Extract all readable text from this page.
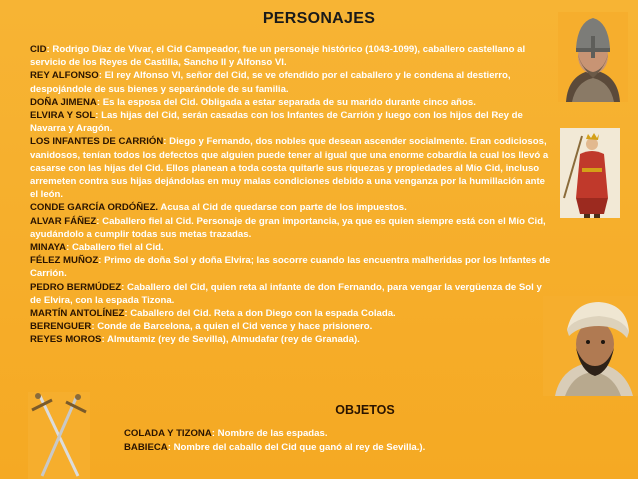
PERSONAJES

CID: Rodrigo Díaz de Vivar, el Cid Campeador, fue un personaje histórico (1043-1099), caballero castellano al servicio de los Reyes de Castilla, Sancho II y Alfonso VI.

REY ALFONSO: El rey Alfonso VI, señor del Cid, se ve ofendido por el caballero y le condena al destierro, despojándole de sus bienes y separándole de su familia.

DOÑA JIMENA: Es la esposa del Cid. Obligada a estar separada de su marido durante cinco años.

ELVIRA Y SOL: Las hijas del Cid, serán casadas con los Infantes de Carrión y luego con los hijos del Rey de Navarra y Aragón.

LOS INFANTES DE CARRIÓN: Diego y Fernando, dos nobles que desean ascender socialmente. Eran codiciosos, vanidosos, tenían todos los defectos que alguien puede tener al igual que una enorme cobardía la cual los llevó a casarse con las hijas del Cid. Ellos planean a toda costa quitarle sus riquezas y propiedades al Mío Cid, incluso arremeten contra sus hijas dejándolas en muy malas condiciones debido a una venganza por la humillación ante el león.

CONDE GARCÍA ORDÓÑEZ. Acusa al Cid de quedarse con parte de los impuestos.

ALVAR FÁÑEZ: Caballero fiel al Cid. Personaje de gran importancia, ya que es quien siempre está con el Mío Cid, ayudándolo a cumplir todas sus metas trazadas.

MINAYA: Caballero fiel al Cid.

FÉLEZ MUÑOZ: Primo de doña Sol y doña Elvira; las socorre cuando las encuentra malheridas por los Infantes de Carrión.

PEDRO BERMÚDEZ: Caballero del Cid, quien reta al infante de don Fernando, para vengar la vergüenza de Sol y de Elvira, con la espada Tizona.

MARTÍN ANTOLÍNEZ: Caballero del Cid. Reta a don Diego con la espada Colada.

BERENGUER: Conde de Barcelona, a quien el Cid vence y hace prisionero.

REYES MOROS: Almutamiz (rey de Sevilla), Almudafar (rey de Granada).

OBJETOS
COLADA Y TIZONA: Nombre de las espadas.
BABIECA: Nombre del caballo del Cid que ganó al rey de Sevilla.).
